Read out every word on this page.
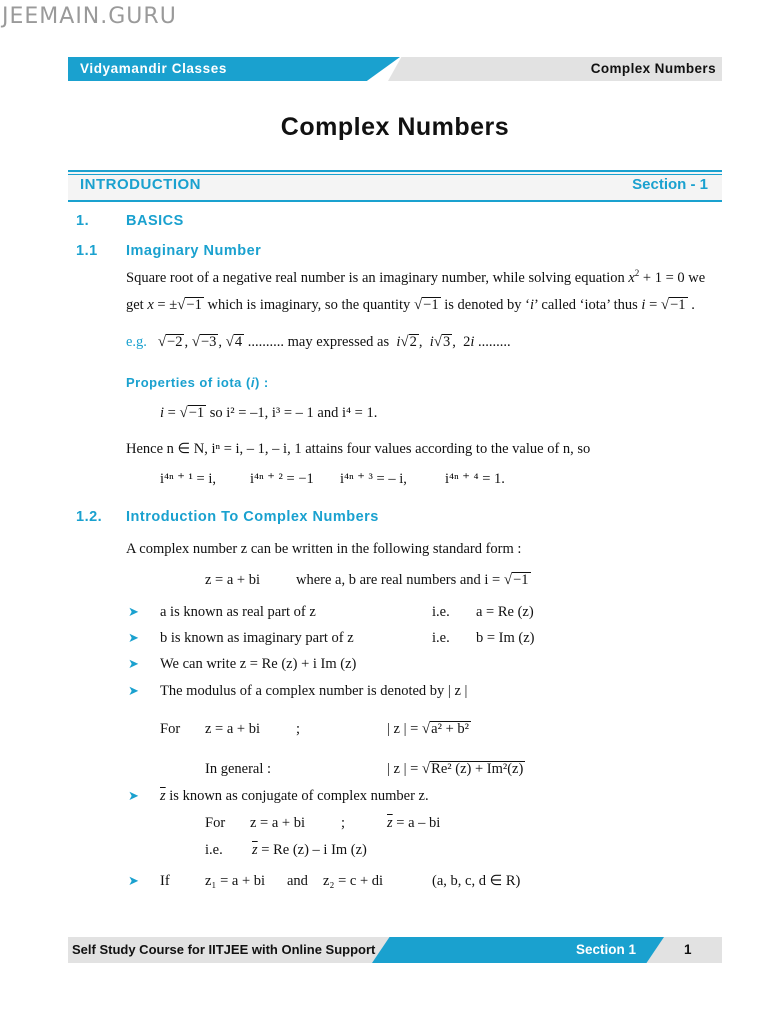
JEEMAIN.GURU
Vidyamandir Classes	Complex Numbers
Complex Numbers
INTRODUCTION	Section - 1
1.	BASICS
1.1 Imaginary Number
Square root of a negative real number is an imaginary number, while solving equation $x^2 + 1 = 0$ we
get x = ±√−1 which is imaginary, so the quantity √−1 is denoted by ‘i’ called ‘iota’ thus i = √−1 .
e.g. √−2 , √−3 , √4 .......... may expressed as  i√2 ,  i√3 ,  2i .........
Properties of iota (i) :
i = √−1 so i² = –1, i³ = – 1 and i⁴ = 1.
Hence n ∈ N, iⁿ = i, – 1, – i, 1 attains four values according to the value of n, so
i⁴ⁿ ⁺ ¹ = i, i⁴ⁿ ⁺ ² = −1 i⁴ⁿ ⁺ ³ = – i,	i⁴ⁿ ⁺ ⁴ = 1.
1.2. Introduction To Complex Numbers
A complex number z can be written in the following standard form :
z = a + bi where a, b are real numbers and i = √−1
➤ a is known as real part of z	i.e. a = Re (z)
➤ b is known as imaginary part of z	i.e. b = Im (z)
➤ We can write z = Re (z) + i Im (z)
➤ The modulus of a complex number is denoted by | z |
For z = a + bi ;	| z | = √a² + b²
In general :	| z | = √Re² (z) + Im²(z)
➤ $\overline{z}$ is known as conjugate of complex number z.
For z = a + bi ;	$\overline{z} = a$ – bi
i.e. $\overline{z} = Re$ (z) – i Im (z)
➤ If z₁ = a + bi and z₂ = c + di	(a, b, c, d ∈ R)
Self Study Course for IITJEE with Online Support	Section 1	1
